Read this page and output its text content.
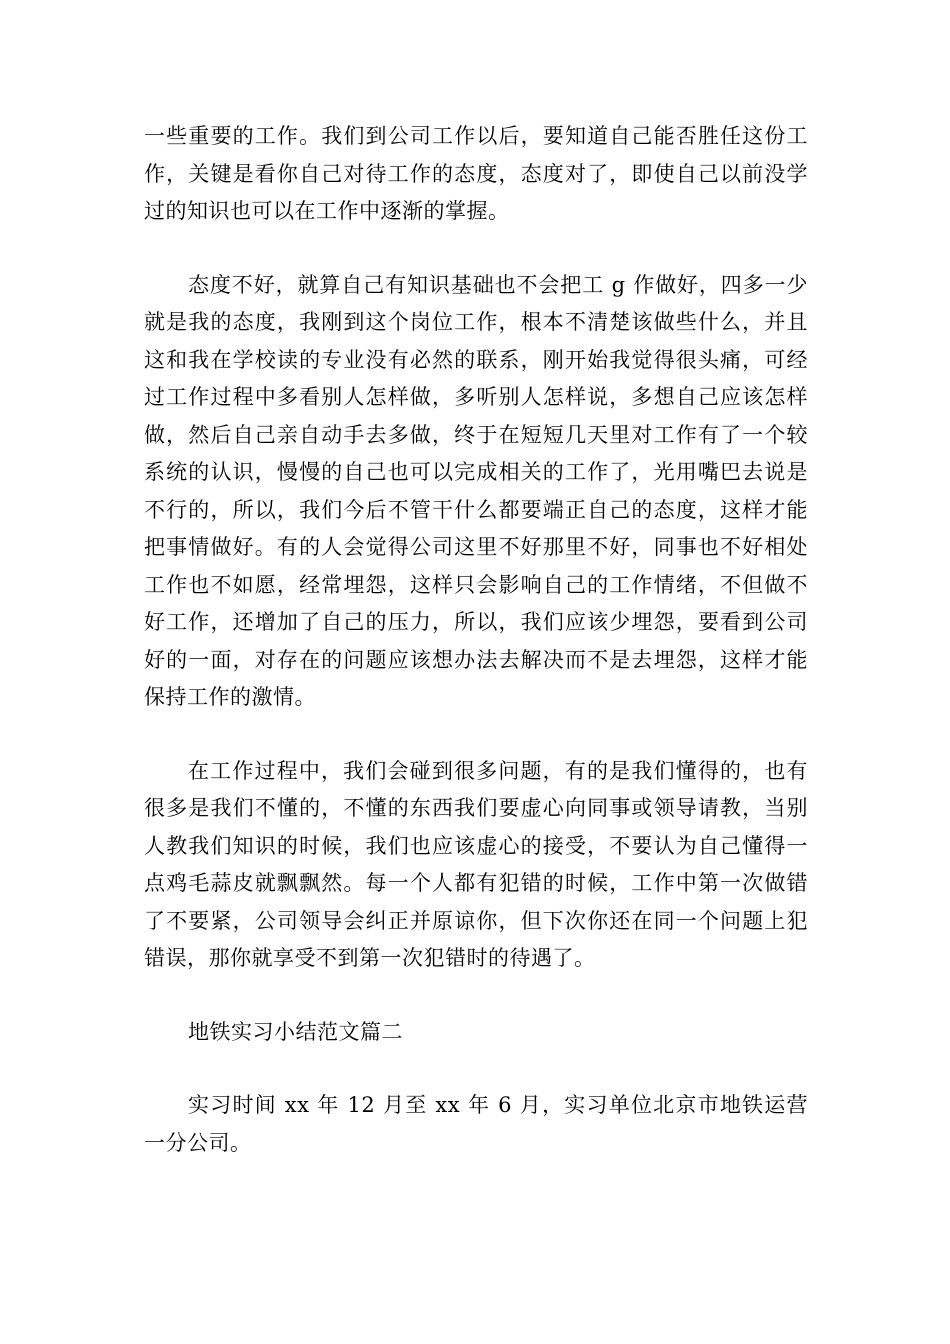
一些重要的工作。我们到公司工作以后，要知道自己能否胜任这份工作，关键是看你自己对待工作的态度，态度对了，即使自己以前没学过的知识也可以在工作中逐渐的掌握。

态度不好，就算自己有知识基础也不会把工 g 作做好，四多一少就是我的态度，我刚到这个岗位工作，根本不清楚该做些什么，并且这和我在学校读的专业没有必然的联系，刚开始我觉得很头痛，可经过工作过程中多看别人怎样做，多听别人怎样说，多想自己应该怎样做，然后自己亲自动手去多做，终于在短短几天里对工作有了一个较系统的认识，慢慢的自己也可以完成相关的工作了，光用嘴巴去说是不行的，所以，我们今后不管干什么都要端正自己的态度，这样才能把事情做好。有的人会觉得公司这里不好那里不好，同事也不好相处工作也不如愿，经常埋怨，这样只会影响自己的工作情绪，不但做不好工作，还增加了自己的压力，所以，我们应该少埋怨，要看到公司好的一面，对存在的问题应该想办法去解决而不是去埋怨，这样才能保持工作的激情。

在工作过程中，我们会碰到很多问题，有的是我们懂得的，也有很多是我们不懂的，不懂的东西我们要虚心向同事或领导请教，当别人教我们知识的时候，我们也应该虚心的接受，不要认为自己懂得一点鸡毛蒜皮就飘飘然。每一个人都有犯错的时候，工作中第一次做错了不要紧，公司领导会纠正并原谅你，但下次你还在同一个问题上犯错误，那你就享受不到第一次犯错时的待遇了。

地铁实习小结范文篇二

实习时间 xx 年 12 月至 xx 年 6 月，实习单位北京市地铁运营一分公司。
